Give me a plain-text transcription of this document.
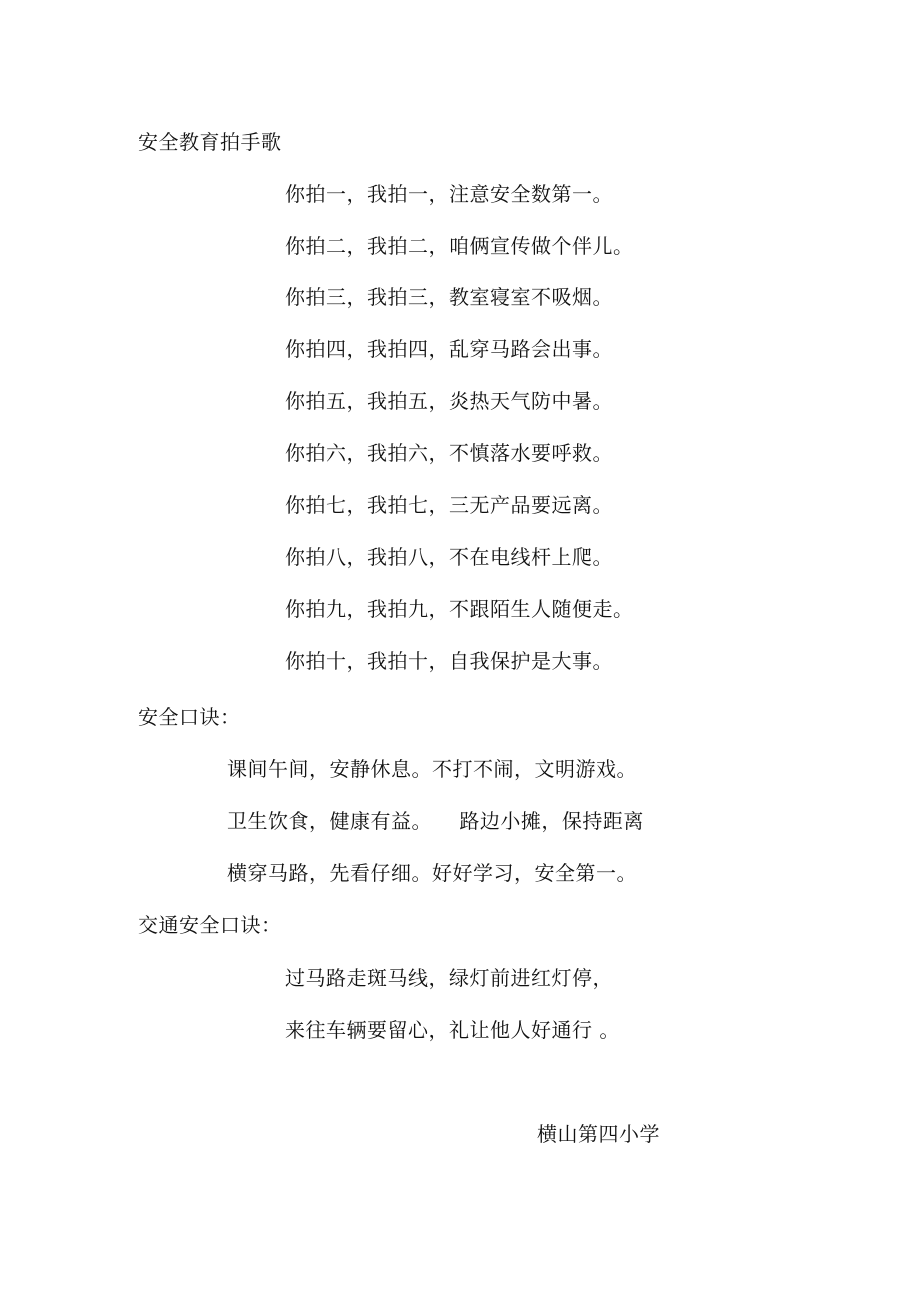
安全教育拍手歌
你拍一，我拍一，注意安全数第一。
你拍二，我拍二，咱俩宣传做个伴儿。
你拍三，我拍三，教室寝室不吸烟。
你拍四，我拍四，乱穿马路会出事。
你拍五，我拍五，炎热天气防中暑。
你拍六，我拍六，不慎落水要呼救。
你拍七，我拍七，三无产品要远离。
你拍八，我拍八，不在电线杆上爬。
你拍九，我拍九，不跟陌生人随便走。
你拍十，我拍十，自我保护是大事。
安全口诀：
课间午间，安静休息。不打不闹，文明游戏。
卫生饮食，健康有益。    路边小摊，保持距离
横穿马路，先看仔细。好好学习，安全第一。
交通安全口诀：
过马路走斑马线，绿灯前进红灯停，
来往车辆要留心，礼让他人好通行 。
横山第四小学
